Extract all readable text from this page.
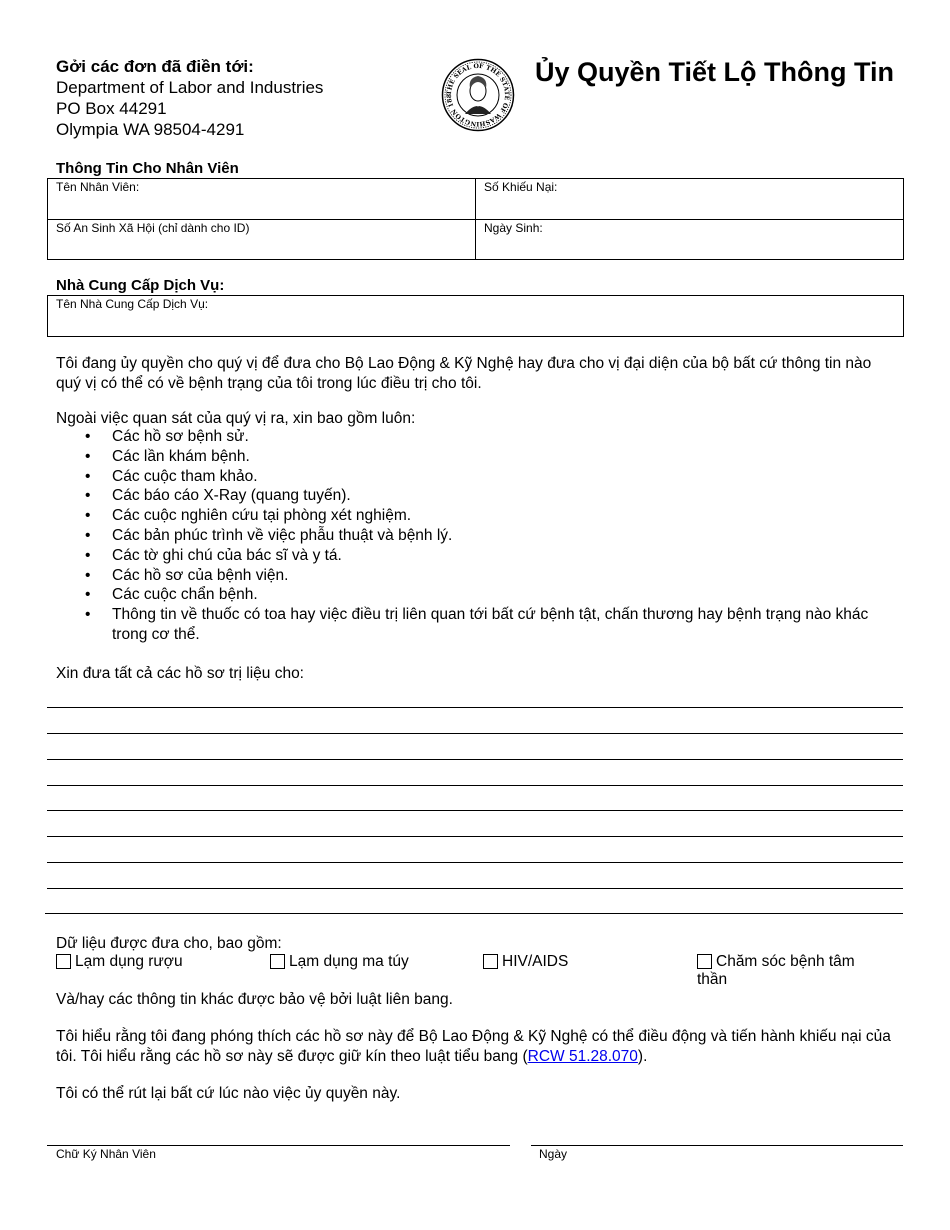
Gởi các đơn đã điền tới:
Department of Labor and Industries
PO Box 44291
Olympia WA 98504-4291
THE SEAL OF THE STATE OF WASHINGTON 188
Ủy Quyền Tiết Lộ Thông Tin
Thông Tin Cho Nhân Viên
Tên Nhân Viên:	Số Khiếu Nại:
Số An Sinh Xã Hội (chỉ dành cho ID)	Ngày Sinh:
Nhà Cung Cấp Dịch Vụ:
Tên Nhà Cung Cấp Dịch Vụ:
Tôi đang ủy quyền cho quý vị để đưa cho Bộ Lao Động & Kỹ Nghệ hay đưa cho vị đại diện của bộ bất cứ thông tin nào quý vị có thể có về bệnh trạng của tôi trong lúc điều trị cho tôi.
Ngoài việc quan sát của quý vị ra, xin bao gồm luôn:
• Các hồ sơ bệnh sử.
• Các lần khám bệnh.
• Các cuộc tham khảo.
• Các báo cáo X-Ray (quang tuyến).
• Các cuộc nghiên cứu tại phòng xét nghiệm.
• Các bản phúc trình về việc phẫu thuật và bệnh lý.
• Các tờ ghi chú của bác sĩ và y tá.
• Các hồ sơ của bệnh viện.
• Các cuộc chẩn bệnh.
• Thông tin về thuốc có toa hay việc điều trị liên quan tới bất cứ bệnh tật, chấn thương hay bệnh trạng nào khác trong cơ thể.
Xin đưa tất cả các hồ sơ trị liệu cho:
Dữ liệu được đưa cho, bao gồm:
Lạm dụng rượu	Lạm dụng ma túy	HIV/AIDS	Chăm sóc bệnh tâm thần
Và/hay các thông tin khác được bảo vệ bởi luật liên bang.
Tôi hiểu rằng tôi đang phóng thích các hồ sơ này để Bộ Lao Động & Kỹ Nghệ có thể điều động và tiến hành khiếu nại của tôi. Tôi hiểu rằng các hồ sơ này sẽ được giữ kín theo luật tiểu bang (RCW 51.28.070).
Tôi có thể rút lại bất cứ lúc nào việc ủy quyền này.
Chữ Ký Nhân Viên	Ngày
